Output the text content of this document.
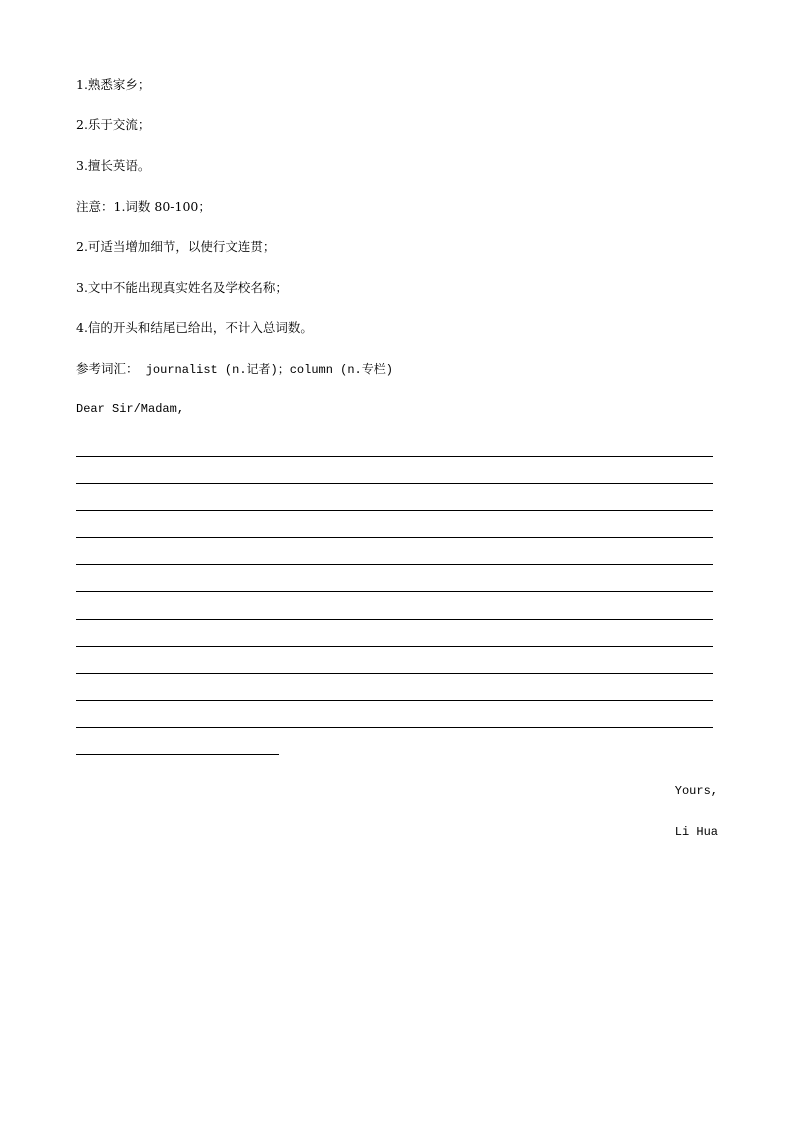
1.熟悉家乡；
2.乐于交流；
3.擅长英语。
注意：1.词数 80-100；
2.可适当增加细节，以使行文连贯；
3.文中不能出现真实姓名及学校名称；
4.信的开头和结尾已给出，不计入总词数。
参考词汇： journalist (n.记者)；column (n.专栏)
Dear Sir/Madam,
Yours,
Li Hua
